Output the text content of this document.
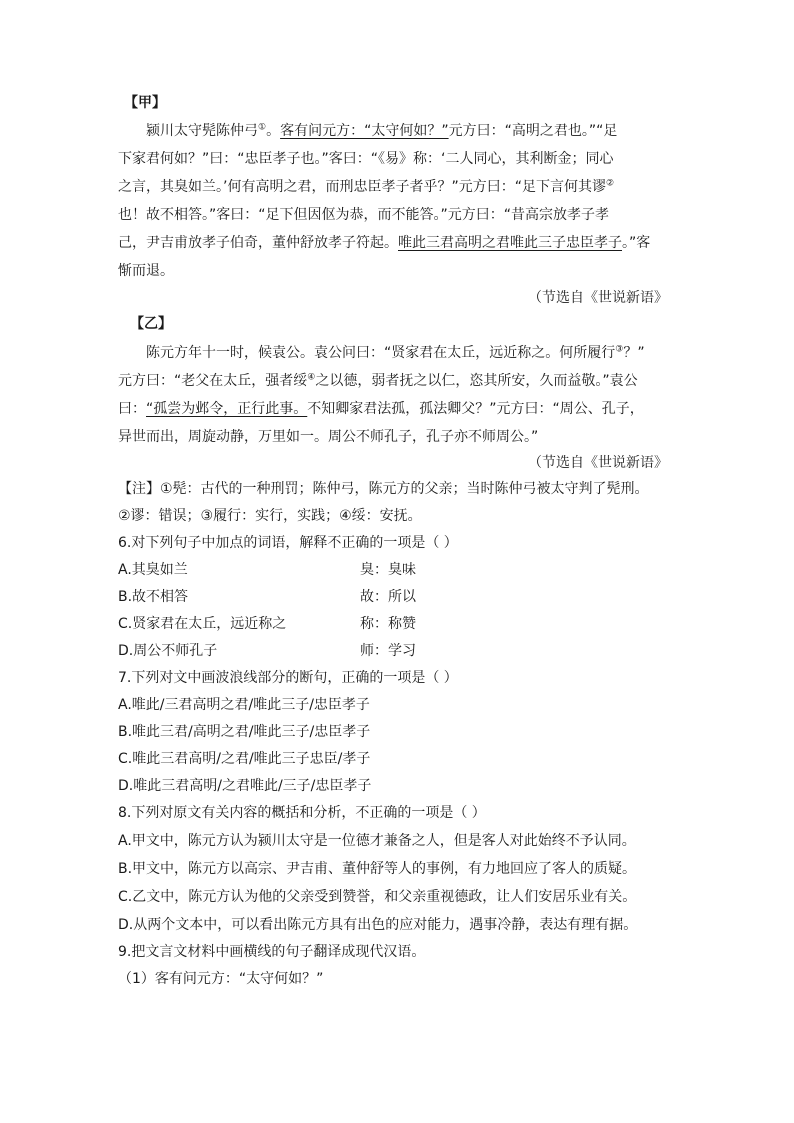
【甲】
颍川太守髡陈仲弓①。客有问元方：“太守何如？”元方曰：“高明之君也。”“足
下家君何如？”曰：“忠臣孝子也。”客曰：“《易》称：‘二人同心，其利断金；同心
之言，其臭如兰。’何有高明之君，而刑忠臣孝子者乎？”元方曰：“足下言何其谬②
也！故不相答。”客曰：“足下但因伛为恭，而不能答。”元方曰：“昔高宗放孝子孝
己，尹吉甫放孝子伯奇，董仲舒放孝子符起。唯此三君高明之君唯此三子忠臣孝子。”客
惭而退。
（节选自《世说新语》
【乙】
陈元方年十一时，候袁公。袁公问曰：“贤家君在太丘，远近称之。何所履行③？”
元方曰：“老父在太丘，强者绥④之以德，弱者抚之以仁，恣其所安，久而益敬。”袁公
曰：“孤尝为邺令，正行此事。不知卿家君法孤，孤法卿父？”元方曰：“周公、孔子，
异世而出，周旋动静，万里如一。周公不师孔子，孔子亦不师周公。”
（节选自《世说新语》
【注】①髡：古代的一种刑罚；陈仲弓，陈元方的父亲；当时陈仲弓被太守判了髡刑。
②谬：错误；③履行：实行，实践；④绥：安抚。
6.对下列句子中加点的词语，解释不正确的一项是（ ）
A.其臭如兰	臭：臭味
B.故不相答	故：所以
C.贤家君在太丘，远近称之	称：称赞
D.周公不师孔子	师：学习
7.下列对文中画波浪线部分的断句，正确的一项是（ ）
A.唯此/三君高明之君/唯此三子/忠臣孝子
B.唯此三君/高明之君/唯此三子/忠臣孝子
C.唯此三君高明/之君/唯此三子忠臣/孝子
D.唯此三君高明/之君唯此/三子/忠臣孝子
8.下列对原文有关内容的概括和分析，不正确的一项是（ ）
A.甲文中，陈元方认为颍川太守是一位德才兼备之人，但是客人对此始终不予认同。
B.甲文中，陈元方以高宗、尹吉甫、董仲舒等人的事例，有力地回应了客人的质疑。
C.乙文中，陈元方认为他的父亲受到赞誉，和父亲重视德政，让人们安居乐业有关。
D.从两个文本中，可以看出陈元方具有出色的应对能力，遇事冷静，表达有理有据。
9.把文言文材料中画横线的句子翻译成现代汉语。
（1）客有问元方：“太守何如？”
